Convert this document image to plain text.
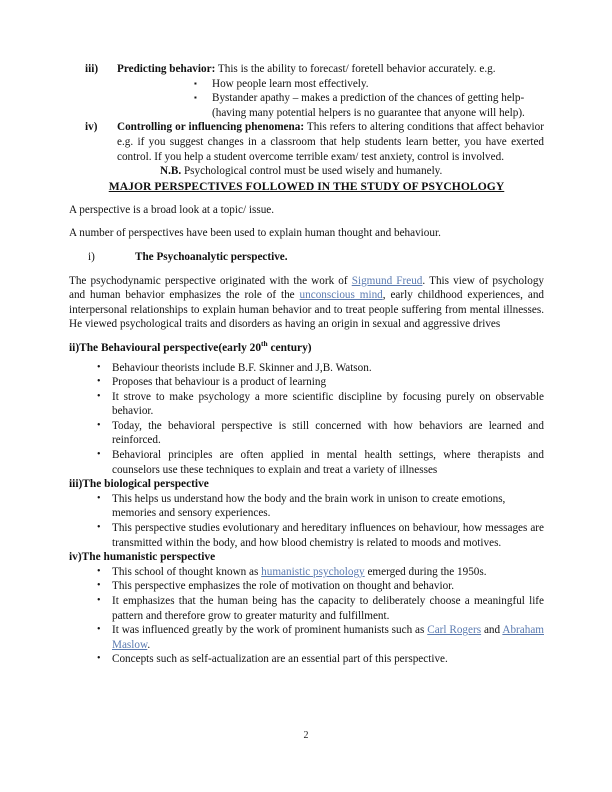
iii)	Predicting behavior: This is the ability to forecast/ foretell behavior accurately. e.g.
▪ How people learn most effectively.
▪ Bystander apathy – makes a prediction of the chances of getting help- (having many potential helpers is no guarantee that anyone will help).
iv)	Controlling or influencing phenomena: This refers to altering conditions that affect behavior e.g. if you suggest changes in a classroom that help students learn better, you have exerted control. If you help a student overcome terrible exam/ test anxiety, control is involved.
N.B. Psychological control must be used wisely and humanely.
MAJOR PERSPECTIVES FOLLOWED IN THE STUDY OF PSYCHOLOGY

A perspective is a broad look at a topic/ issue.

A number of perspectives have been used to explain human thought and behaviour.

i)	The Psychoanalytic perspective.

The psychodynamic perspective originated with the work of Sigmund Freud. This view of psychology and human behavior emphasizes the role of the unconscious mind, early childhood experiences, and interpersonal relationships to explain human behavior and to treat people suffering from mental illnesses. He viewed psychological traits and disorders as having an origin in sexual and aggressive drives

ii)The Behavioural perspective(early 20th century)
• Behaviour theorists include B.F. Skinner and J,B. Watson.
• Proposes that behaviour is a product of learning
• It strove to make psychology a more scientific discipline by focusing purely on observable behavior.
• Today, the behavioral perspective is still concerned with how behaviors are learned and reinforced.
• Behavioral principles are often applied in mental health settings, where therapists and counselors use these techniques to explain and treat a variety of illnesses
iii)The biological perspective
• This helps us understand how the body and the brain work in unison to create emotions, memories and sensory experiences.
• This perspective studies evolutionary and hereditary influences on behaviour, how messages are transmitted within the body, and how blood chemistry is related to moods and motives.
iv)The humanistic perspective
• This school of thought known as humanistic psychology emerged during the 1950s.
• This perspective emphasizes the role of motivation on thought and behavior.
• It emphasizes that the human being has the capacity to deliberately choose a meaningful life pattern and therefore grow to greater maturity and fulfillment.
• It was influenced greatly by the work of prominent humanists such as Carl Rogers and Abraham Maslow.
• Concepts such as self-actualization are an essential part of this perspective.
2
